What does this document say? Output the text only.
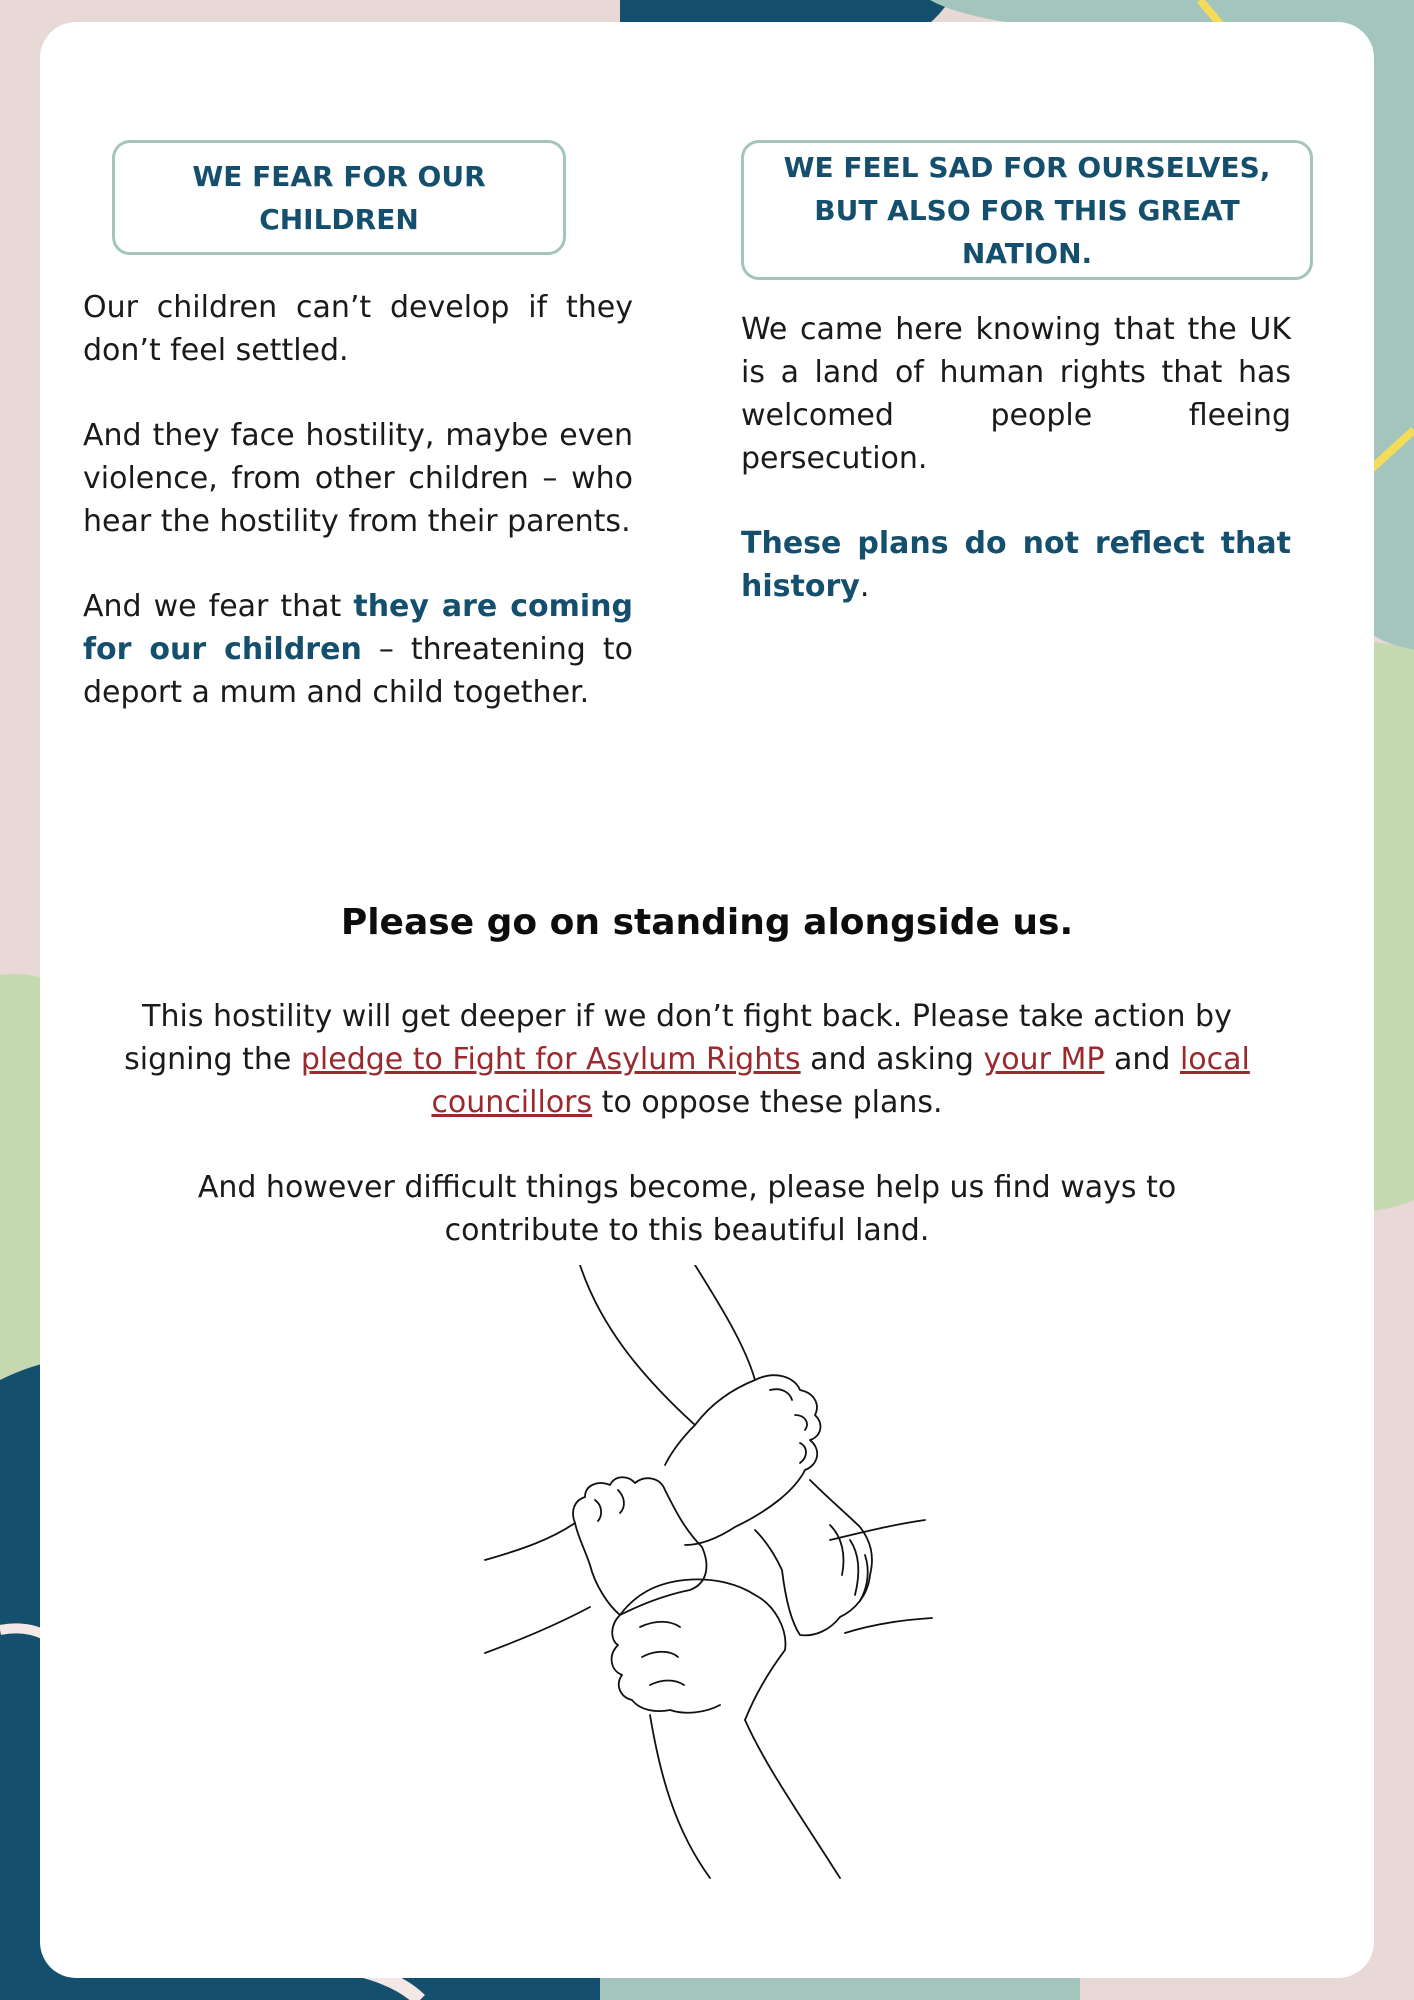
WE FEAR FOR OUR CHILDREN

Our children can’t develop if they don’t feel settled.

And they face hostility, maybe even violence, from other children – who hear the hostility from their parents.

And we fear that they are coming for our children – threatening to deport a mum and child together.

WE FEEL SAD FOR OURSELVES, BUT ALSO FOR THIS GREAT NATION.

We came here knowing that the UK is a land of human rights that has welcomed people fleeing persecution.

These plans do not reflect that history.

Please go on standing alongside us.
This hostility will get deeper if we don’t fight back. Please take action by signing the pledge to Fight for Asylum Rights and asking your MP and local councillors to oppose these plans.
And however difficult things become, please help us find ways to contribute to this beautiful land.
